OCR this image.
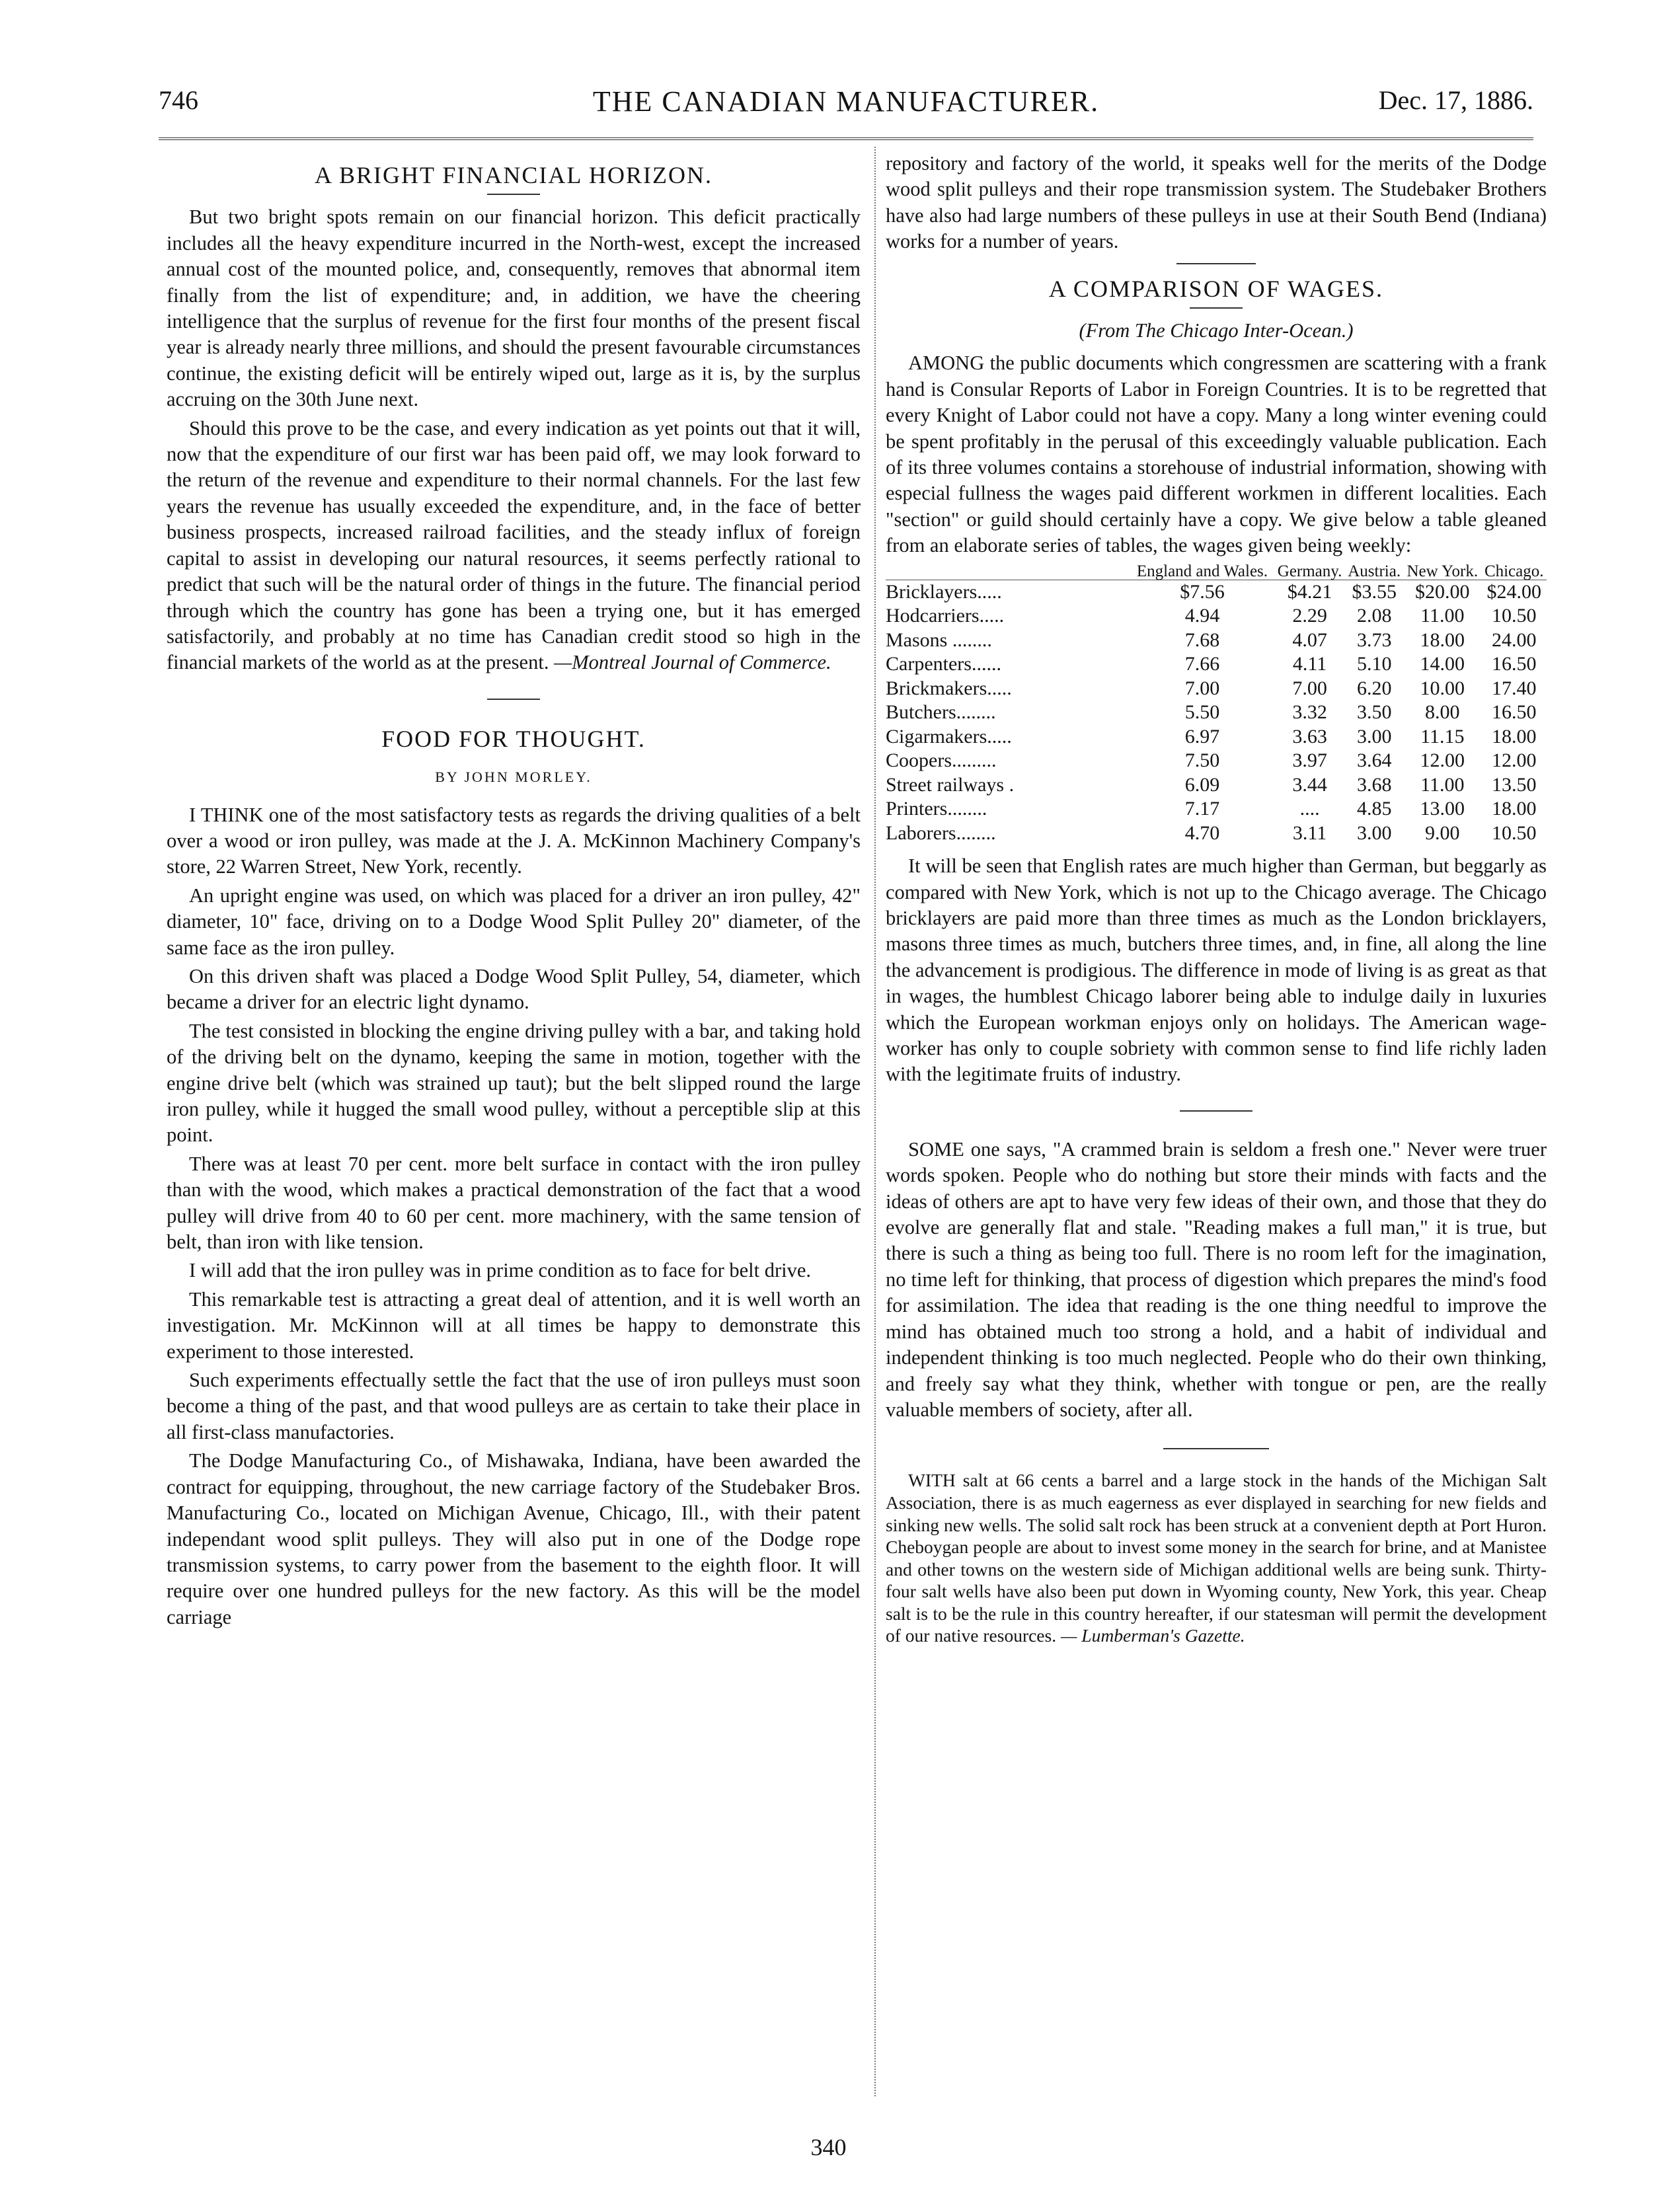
746	THE CANADIAN MANUFACTURER.	Dec. 17, 1886.
A BRIGHT FINANCIAL HORIZON.

But two bright spots remain on our financial horizon. This deficit practically includes all the heavy expenditure incurred in the North-west, except the increased annual cost of the mounted police, and, consequently, removes that abnormal item finally from the list of expenditure; and, in addition, we have the cheering intelligence that the surplus of revenue for the first four months of the present fiscal year is already nearly three millions, and should the present favourable circumstances continue, the existing deficit will be entirely wiped out, large as it is, by the surplus accruing on the 30th June next.

Should this prove to be the case, and every indication as yet points out that it will, now that the expenditure of our first war has been paid off, we may look forward to the return of the revenue and expenditure to their normal channels. For the last few years the revenue has usually exceeded the expenditure, and, in the face of better business prospects, increased railroad facilities, and the steady influx of foreign capital to assist in developing our natural resources, it seems perfectly rational to predict that such will be the natural order of things in the future. The financial period through which the country has gone has been a trying one, but it has emerged satisfactorily, and probably at no time has Canadian credit stood so high in the financial markets of the world as at the present. —Montreal Journal of Commerce.

FOOD FOR THOUGHT.
BY JOHN MORLEY.

I THINK one of the most satisfactory tests as regards the driving qualities of a belt over a wood or iron pulley, was made at the J. A. McKinnon Machinery Company's store, 22 Warren Street, New York, recently.

An upright engine was used, on which was placed for a driver an iron pulley, 42" diameter, 10" face, driving on to a Dodge Wood Split Pulley 20" diameter, of the same face as the iron pulley.

On this driven shaft was placed a Dodge Wood Split Pulley, 54, diameter, which became a driver for an electric light dynamo.

The test consisted in blocking the engine driving pulley with a bar, and taking hold of the driving belt on the dynamo, keeping the same in motion, together with the engine drive belt (which was strained up taut); but the belt slipped round the large iron pulley, while it hugged the small wood pulley, without a perceptible slip at this point.

There was at least 70 per cent. more belt surface in contact with the iron pulley than with the wood, which makes a practical demonstration of the fact that a wood pulley will drive from 40 to 60 per cent. more machinery, with the same tension of belt, than iron with like tension.

I will add that the iron pulley was in prime condition as to face for belt drive.

This remarkable test is attracting a great deal of attention, and it is well worth an investigation. Mr. McKinnon will at all times be happy to demonstrate this experiment to those interested.

Such experiments effectually settle the fact that the use of iron pulleys must soon become a thing of the past, and that wood pulleys are as certain to take their place in all first-class manufactories.

The Dodge Manufacturing Co., of Mishawaka, Indiana, have been awarded the contract for equipping, throughout, the new carriage factory of the Studebaker Bros. Manufacturing Co., located on Michigan Avenue, Chicago, Ill., with their patent independant wood split pulleys. They will also put in one of the Dodge rope transmission systems, to carry power from the basement to the eighth floor. It will require over one hundred pulleys for the new factory. As this will be the model carriage

repository and factory of the world, it speaks well for the merits of the Dodge wood split pulleys and their rope transmission system. The Studebaker Brothers have also had large numbers of these pulleys in use at their South Bend (Indiana) works for a number of years.

A COMPARISON OF WAGES.
(From The Chicago Inter-Ocean.)

AMONG the public documents which congressmen are scattering with a frank hand is Consular Reports of Labor in Foreign Countries. It is to be regretted that every Knight of Labor could not have a copy. Many a long winter evening could be spent profitably in the perusal of this exceedingly valuable publication. Each of its three volumes contains a storehouse of industrial information, showing with especial fullness the wages paid different workmen in different localities. Each "section" or guild should certainly have a copy. We give below a table gleaned from an elaborate series of tables, the wages given being weekly:

	England and Wales.	Germany.	Austria.	New York.	Chicago.
Bricklayers.....	$7.56	$4.21	$3.55	$20.00	$24.00
Hodcarriers.....	4.94	2.29	2.08	11.00	10.50
Masons ........	7.68	4.07	3.73	18.00	24.00
Carpenters......	7.66	4.11	5.10	14.00	16.50
Brickmakers.....	7.00	7.00	6.20	10.00	17.40
Butchers........	5.50	3.32	3.50	8.00	16.50
Cigarmakers.....	6.97	3.63	3.00	11.15	18.00
Coopers.........	7.50	3.97	3.64	12.00	12.00
Street railways .	6.09	3.44	3.68	11.00	13.50
Printers........	7.17	....	4.85	13.00	18.00
Laborers........	4.70	3.11	3.00	9.00	10.50

It will be seen that English rates are much higher than German, but beggarly as compared with New York, which is not up to the Chicago average. The Chicago bricklayers are paid more than three times as much as the London bricklayers, masons three times as much, butchers three times, and, in fine, all along the line the advancement is prodigious. The difference in mode of living is as great as that in wages, the humblest Chicago laborer being able to indulge daily in luxuries which the European workman enjoys only on holidays. The American wage-worker has only to couple sobriety with common sense to find life richly laden with the legitimate fruits of industry.

SOME one says, "A crammed brain is seldom a fresh one." Never were truer words spoken. People who do nothing but store their minds with facts and the ideas of others are apt to have very few ideas of their own, and those that they do evolve are generally flat and stale. "Reading makes a full man," it is true, but there is such a thing as being too full. There is no room left for the imagination, no time left for thinking, that process of digestion which prepares the mind's food for assimilation. The idea that reading is the one thing needful to improve the mind has obtained much too strong a hold, and a habit of individual and independent thinking is too much neglected. People who do their own thinking, and freely say what they think, whether with tongue or pen, are the really valuable members of society, after all.

WITH salt at 66 cents a barrel and a large stock in the hands of the Michigan Salt Association, there is as much eagerness as ever displayed in searching for new fields and sinking new wells. The solid salt rock has been struck at a convenient depth at Port Huron. Cheboygan people are about to invest some money in the search for brine, and at Manistee and other towns on the western side of Michigan additional wells are being sunk. Thirty-four salt wells have also been put down in Wyoming county, New York, this year. Cheap salt is to be the rule in this country hereafter, if our statesman will permit the development of our native resources. — Lumberman's Gazette.

340
